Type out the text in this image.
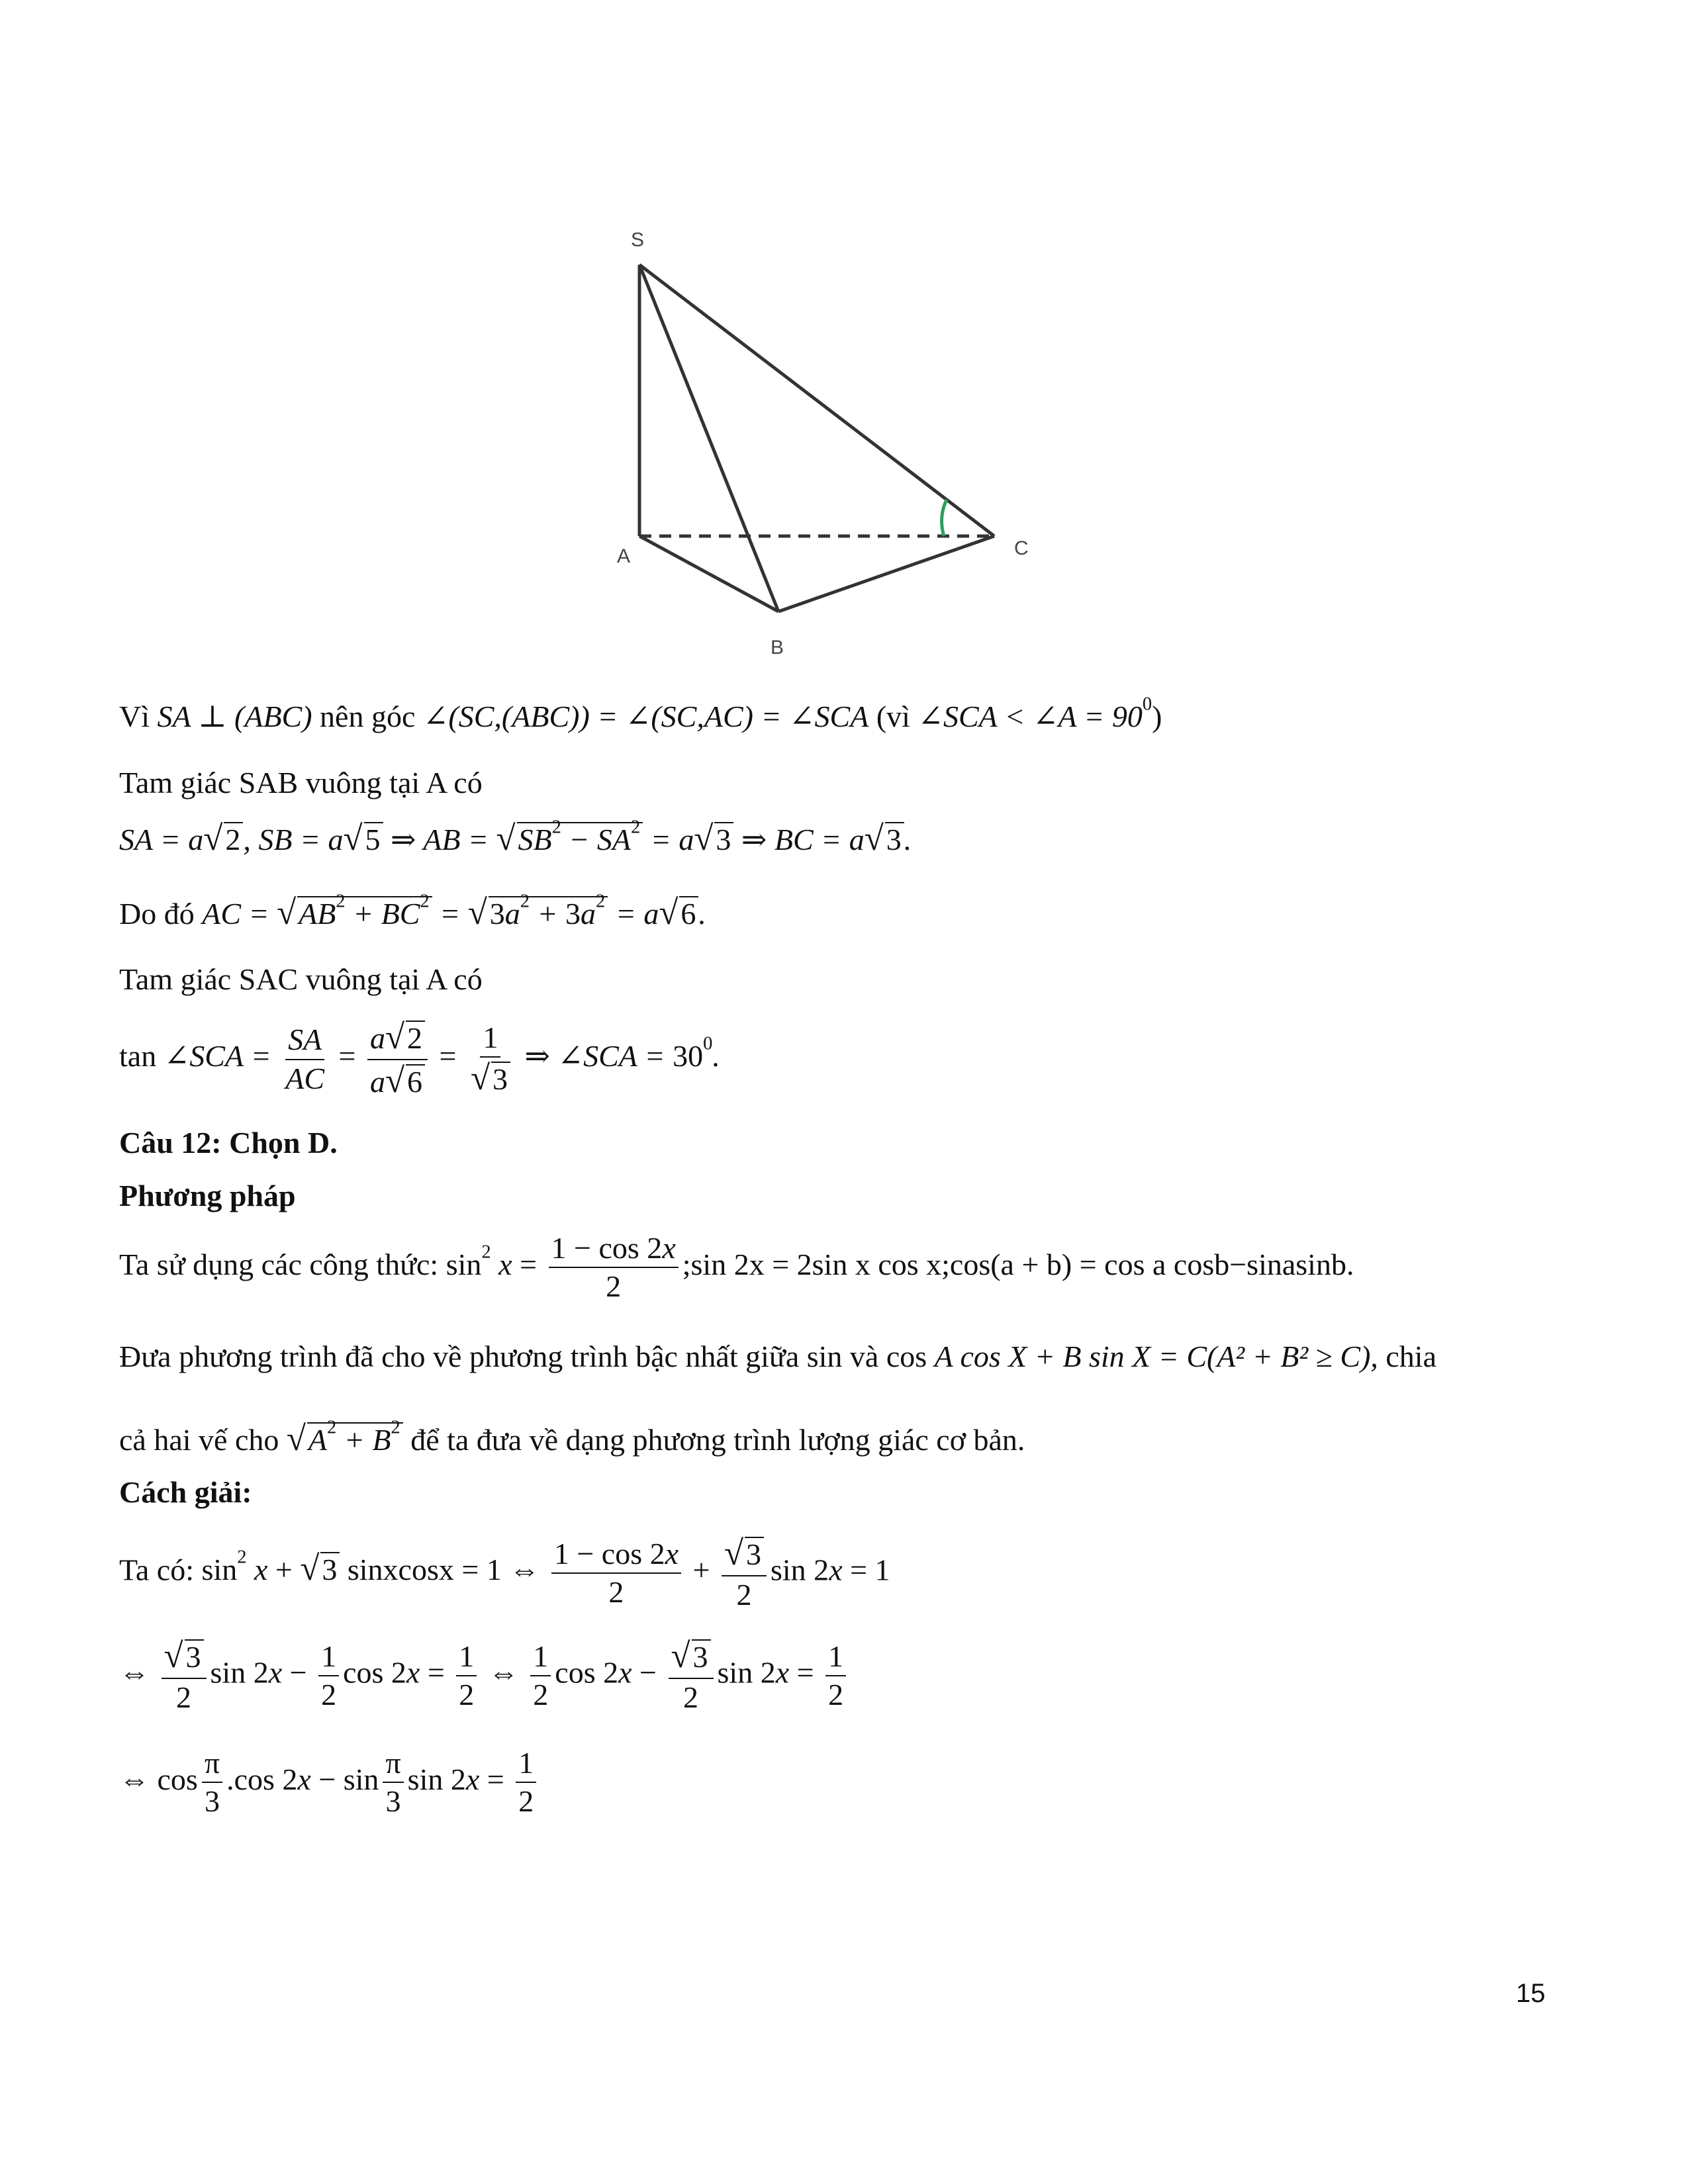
S
A
B
C
Vì SA ⊥ (ABC) nên góc ∠(SC,(ABC)) = ∠(SC,AC) = ∠SCA (vì ∠SCA < ∠A = $90^0$)
Tam giác SAB vuông tại A có
SA = a√2, SB = a√5 ⇒ AB = $√SB^2 - SA^2 = a√3$ ⇒ BC = a√3.
Do đó AC = $√AB^2 + BC^2 = √3a^2 + 3a^2 = a√6$.
Tam giác SAC vuông tại A có
tan ∠SCA = $\frac{SA}{AC} = \frac{a√2}{a√6} = \frac{1}{√3}$ ⇒ ∠SCA = $30^0$.
Câu 12: Chọn D.
Phương pháp
Ta sử dụng các công thức: $\sin^2 x = \frac{1 - \cos 2x}{2}$ ;sin 2x = 2sin x cos x;cos(a + b) = cos a cosb−sinasinb.
Đưa phương trình đã cho về phương trình bậc nhất giữa sin và cos A cos X + B sin X = C(A² + B² ≥ C), chia
cả hai vế cho $√A^2 + B^2$ để ta đưa về dạng phương trình lượng giác cơ bản.
Cách giải:
Ta có: $\sin^2 x + √3$ sinxcosx = 1 ⇔ $\frac{1 - \cos 2x}{2} + \frac{√3}{2}$ sin 2x = 1
⇔ $\frac{√3}{2}$ $\sin 2x - \frac{1}{2}$ $\cos 2x = \frac{1}{2}$ ⇔ $\frac{1}{2}$ $\cos 2x - \frac{√3}{2}$ $\sin 2x = \frac{1}{2}$
⇔ $\cos \frac{\pi}{3} .\cos$ $2x - \sin \frac{\pi}{3}$ $\sin 2x = \frac{1}{2}$
15
